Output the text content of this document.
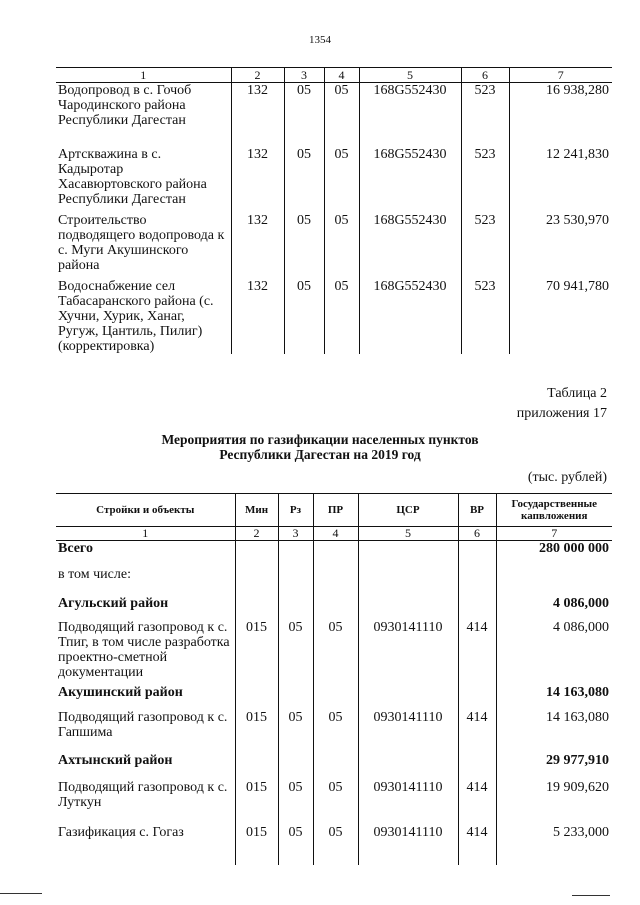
1354
1	2	3	4	5	6	7
Водопровод в с. Гочоб Чародинского района Республики Дагестан	132	05	05	168G552430	523	16 938,280
Артскважина в с. Кадыротар Хасавюртовского района Республики Дагестан	132	05	05	168G552430	523	12 241,830
Строительство подводящего водопровода к с. Муги Акушинского района	132	05	05	168G552430	523	23 530,970
Водоснабжение сел Табасаранского района (с. Хучни, Хурик, Ханаг, Ругуж, Цантиль, Пилиг) (корректировка)	132	05	05	168G552430	523	70 941,780
Таблица 2
приложения 17
Мероприятия по газификации населенных пунктов
Республики Дагестан на 2019 год
(тыс. рублей)
Стройки и объекты	Мин	Рз	ПР	ЦСР	ВР	Государственные капвложения
1	2	3	4	5	6	7
Всего						280 000 000
в том числе:						
Агульский район						4 086,000
Подводящий газопровод к с. Тпиг, в том числе разработка проектно-сметной документации	015	05	05	0930141110	414	4 086,000
Акушинский район						14 163,080
Подводящий газопровод к с. Гапшима	015	05	05	0930141110	414	14 163,080
Ахтынский район						29 977,910
Подводящий газопровод к с. Луткун	015	05	05	0930141110	414	19 909,620
Газификация с. Гогаз	015	05	05	0930141110	414	5 233,000
